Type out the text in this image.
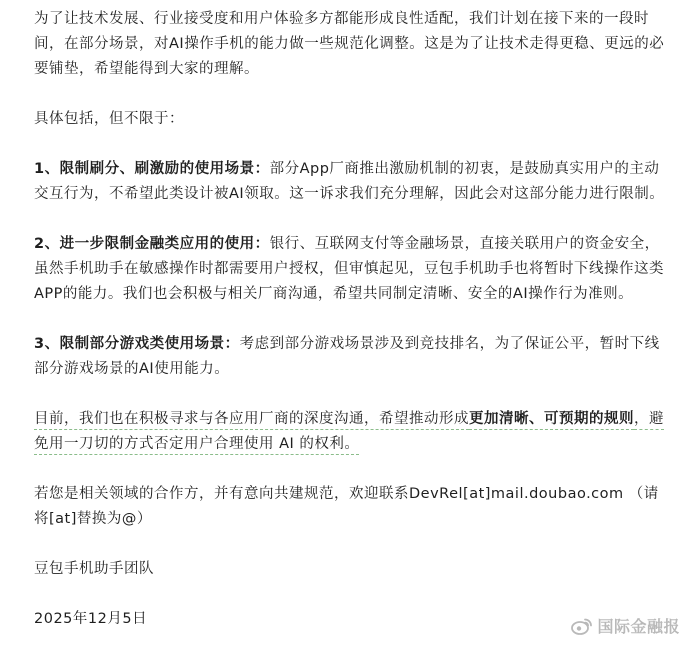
为了让技术发展、行业接受度和用户体验多方都能形成良性适配，我们计划在接下来的一段时间，在部分场景，对AI操作手机的能力做一些规范化调整。这是为了让技术走得更稳、更远的必要铺垫，希望能得到大家的理解。

具体包括，但不限于：

1、限制刷分、刷激励的使用场景：部分App厂商推出激励机制的初衷，是鼓励真实用户的主动交互行为，不希望此类设计被AI领取。这一诉求我们充分理解，因此会对这部分能力进行限制。

2、进一步限制金融类应用的使用：银行、互联网支付等金融场景，直接关联用户的资金安全，虽然手机助手在敏感操作时都需要用户授权，但审慎起见，豆包手机助手也将暂时下线操作这类APP的能力。我们也会积极与相关厂商沟通，希望共同制定清晰、安全的AI操作行为准则。

3、限制部分游戏类使用场景：考虑到部分游戏场景涉及到竞技排名，为了保证公平，暂时下线部分游戏场景的AI使用能力。

目前，我们也在积极寻求与各应用厂商的深度沟通，希望推动形成更加清晰、可预期的规则，避免用一刀切的方式否定用户合理使用 AI 的权利。

若您是相关领域的合作方，并有意向共建规范，欢迎联系DevRel[at]mail.doubao.com （请将[at]替换为@）

豆包手机助手团队

2025年12月5日	国际金融报
